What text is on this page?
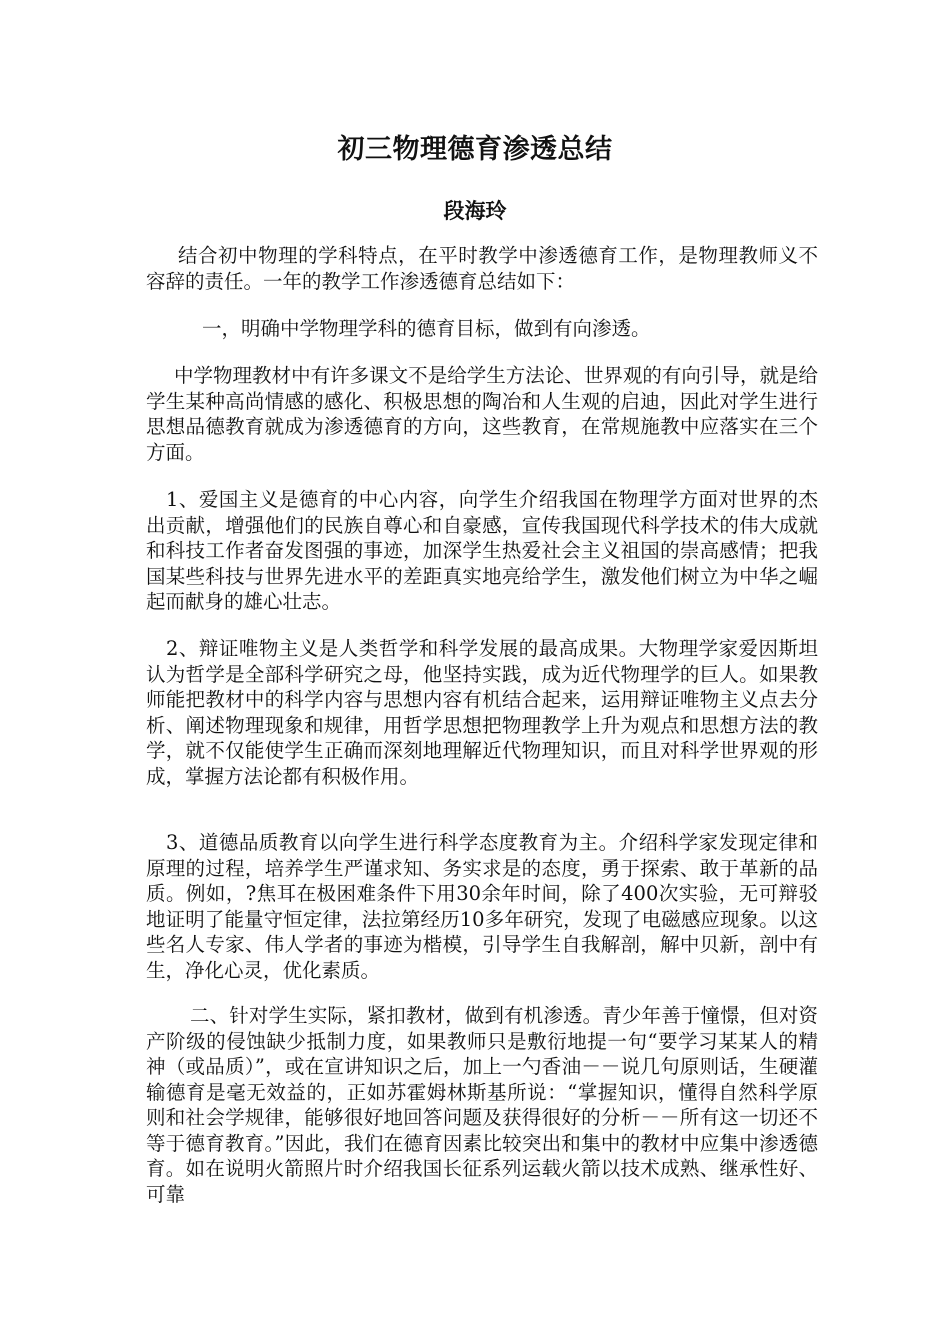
初三物理德育渗透总结
段海玲

结合初中物理的学科特点，在平时教学中渗透德育工作，是物理教师义不容辞的责任。一年的教学工作渗透德育总结如下：

一，明确中学物理学科的德育目标，做到有向渗透。

中学物理教材中有许多课文不是给学生方法论、世界观的有向引导，就是给学生某种高尚情感的感化、积极思想的陶冶和人生观的启迪，因此对学生进行思想品德教育就成为渗透德育的方向，这些教育，在常规施教中应落实在三个方面。

1、爱国主义是德育的中心内容，向学生介绍我国在物理学方面对世界的杰出贡献，增强他们的民族自尊心和自豪感，宣传我国现代科学技术的伟大成就和科技工作者奋发图强的事迹，加深学生热爱社会主义祖国的崇高感情；把我国某些科技与世界先进水平的差距真实地亮给学生，激发他们树立为中华之崛起而献身的雄心壮志。

2、辩证唯物主义是人类哲学和科学发展的最高成果。大物理学家爱因斯坦认为哲学是全部科学研究之母，他坚持实践，成为近代物理学的巨人。如果教师能把教材中的科学内容与思想内容有机结合起来，运用辩证唯物主义点去分析、阐述物理现象和规律，用哲学思想把物理教学上升为观点和思想方法的教学，就不仅能使学生正确而深刻地理解近代物理知识，而且对科学世界观的形成，掌握方法论都有积极作用。

3、道德品质教育以向学生进行科学态度教育为主。介绍科学家发现定律和原理的过程，培养学生严谨求知、务实求是的态度，勇于探索、敢于革新的品质。例如，?焦耳在极困难条件下用30余年时间，除了400次实验，无可辩驳地证明了能量守恒定律，法拉第经历10多年研究，发现了电磁感应现象。以这些名人专家、伟人学者的事迹为楷模，引导学生自我解剖，解中贝新，剖中有生，净化心灵，优化素质。

二、针对学生实际，紧扣教材，做到有机渗透。青少年善于憧憬，但对资产阶级的侵蚀缺少抵制力度，如果教师只是敷衍地提一句“要学习某某人的精神（或品质）”，或在宣讲知识之后，加上一勺香油－－说几句原则话，生硬灌输德育是毫无效益的，正如苏霍姆林斯基所说：“掌握知识，懂得自然科学原则和社会学规律，能够很好地回答问题及获得很好的分析－－所有这一切还不等于德育教育。”因此，我们在德育因素比较突出和集中的教材中应集中渗透德育。如在说明火箭照片时介绍我国长征系列运载火箭以技术成熟、继承性好、可靠
